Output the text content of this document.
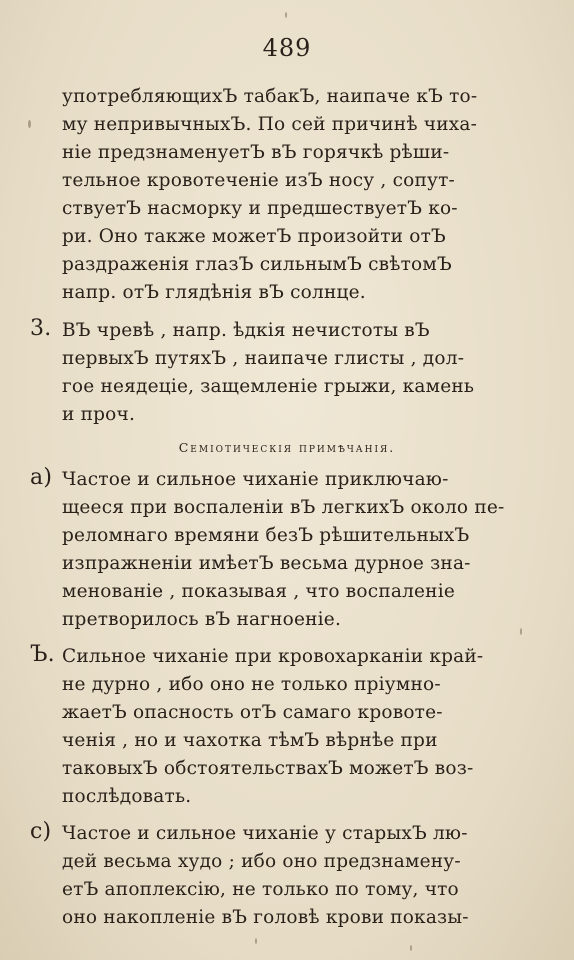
489
употребляющихЪ табакЪ, наипаче кЪ то-
му непривычныхЪ. По сей причинѣ чиха-
ніе предзнаменуетЪ вЪ горячкѣ рѣши-
тельное кровотеченіе изЪ носу , сопут-
ствуетЪ насморку и предшествуетЪ ко-
ри. Оно также можетЪ произойти отЪ
раздраженія глазЪ сильнымЪ свѣтомЪ
напр. отЪ глядѣнія вЪ солнце.
3. ВЪ чревѣ , напр. ѣдкія нечистоты вЪ
первыхЪ путяхЪ , наипаче глисты , дол-
гое неядеціе, защемленіе грыжи, камень
и проч.
Семіотическія примѣчанія.
a) Частое и сильное чиханіе приключаю-
щееся при воспаленіи вЪ легкихЪ около пе-
реломнаго времяни безЪ рѣшительныхЪ
изпражненіи имѣетЪ весьма дурное зна-
менованіе , показывая , что воспаленіе
претворилось вЪ нагноеніе.
Ъ. Сильное чиханіе при кровохарканіи край-
не дурно , ибо оно не только пріумно-
жаетЪ опасность отЪ самаго кровоте-
ченія , но и чахотка тѣмЪ вѣрнѣе при
таковыхЪ обстоятельствахЪ можетЪ воз-
послѣдовать.
c) Частое и сильное чиханіе у старыхЪ лю-
дей весьма худо ; ибо оно предзнамену-
етЪ апоплексію, не только по тому, что
оно накопленіе вЪ головѣ крови показы-
